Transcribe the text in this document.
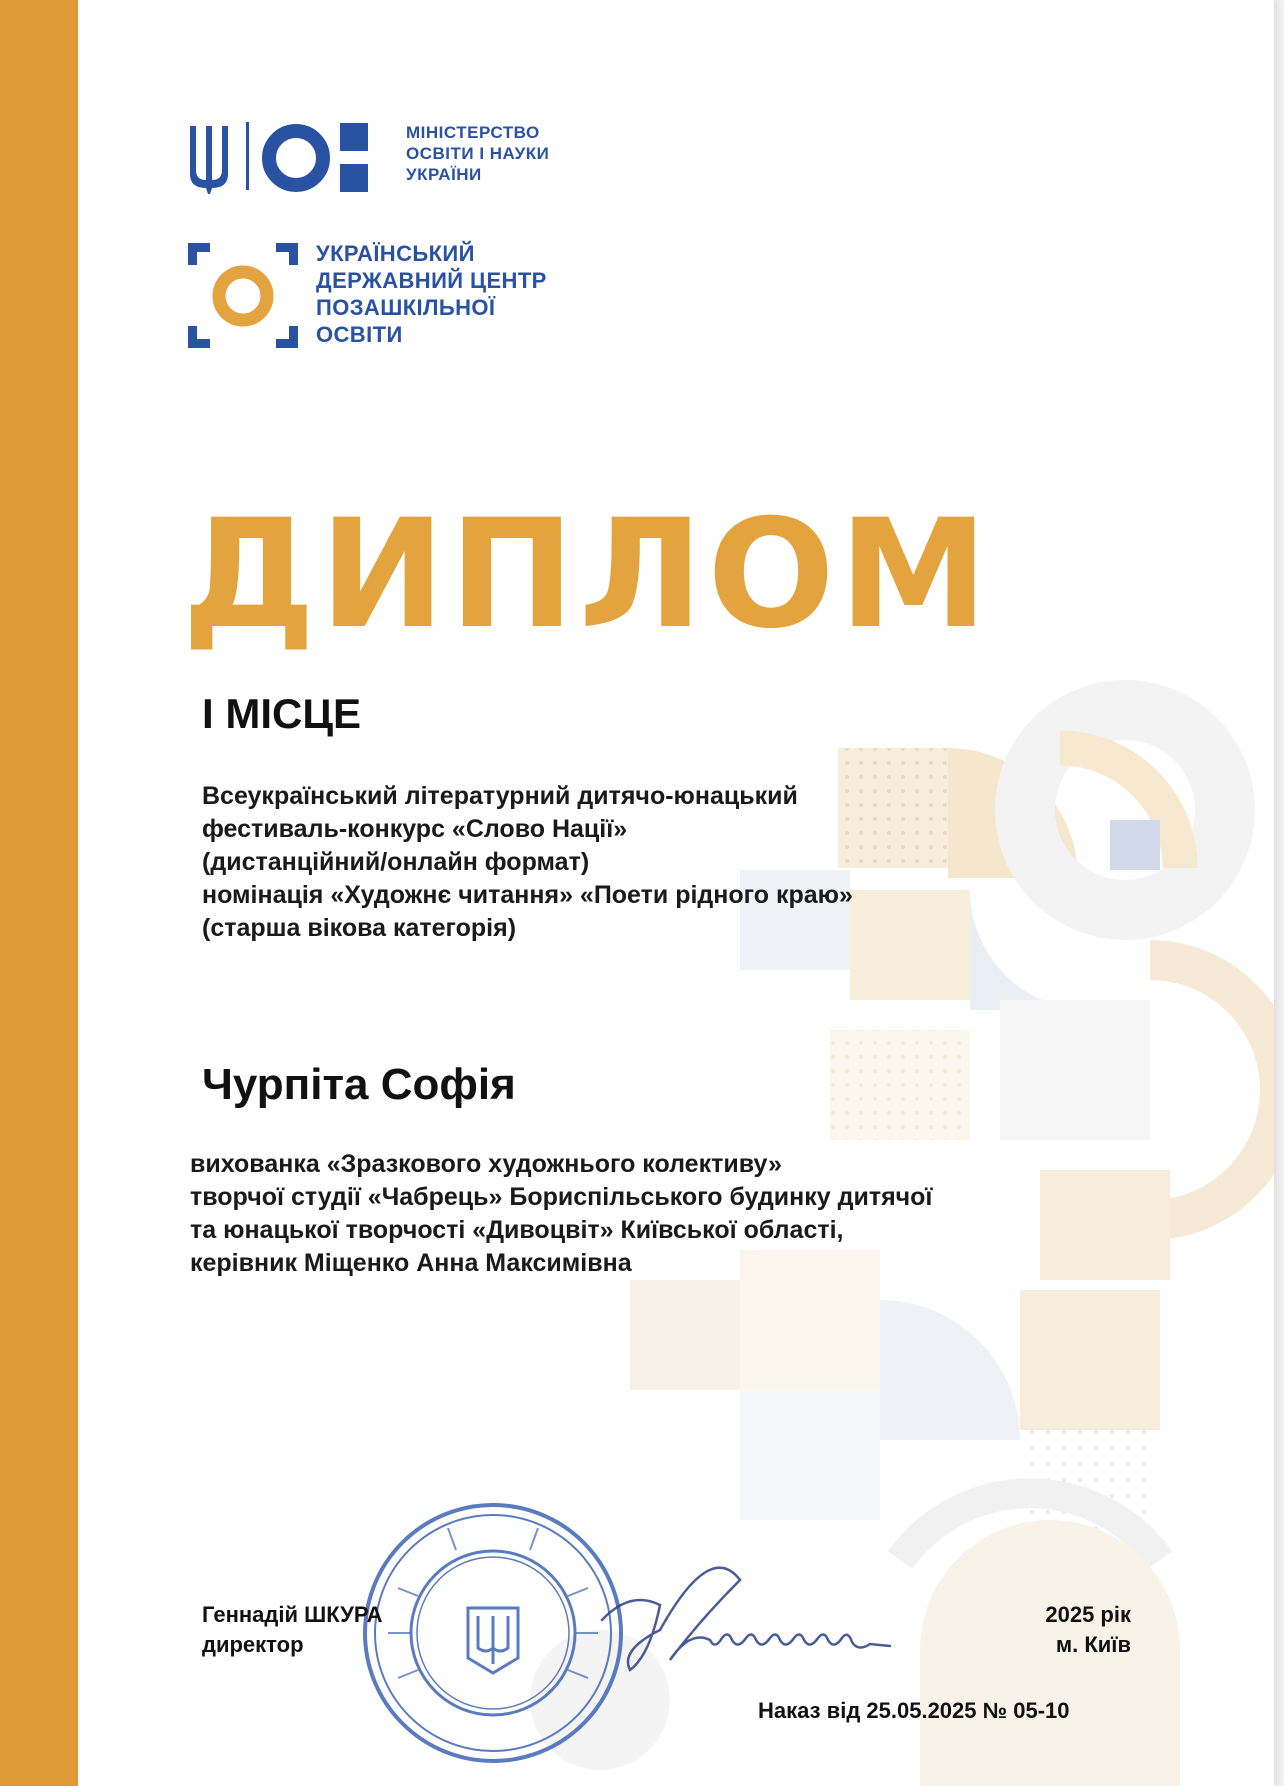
МІНІСТЕРСТВО
ОСВІТИ І НАУКИ
УКРАЇНИ

УКРАЇНСЬКИЙ
ДЕРЖАВНИЙ ЦЕНТР
ПОЗАШКІЛЬНОЇ
ОСВІТИ

ДИПЛОМ
І МІСЦЕ

Всеукраїнський літературний дитячо-юнацький
фестиваль-конкурс «Слово Нації»
(дистанційний/онлайн формат)
номінація «Художнє читання» «Поети рідного краю»
(старша вікова категорія)

Чурпіта Софія

вихованка «Зразкового художнього колективу»
творчої студії «Чабрець» Бориспільського будинку дитячої
та юнацької творчості «Дивоцвіт» Київської області,
керівник Міщенко Анна Максимівна

Геннадій ШКУРА
директор

2025 рік
м. Київ

Наказ від 25.05.2025 № 05-10
